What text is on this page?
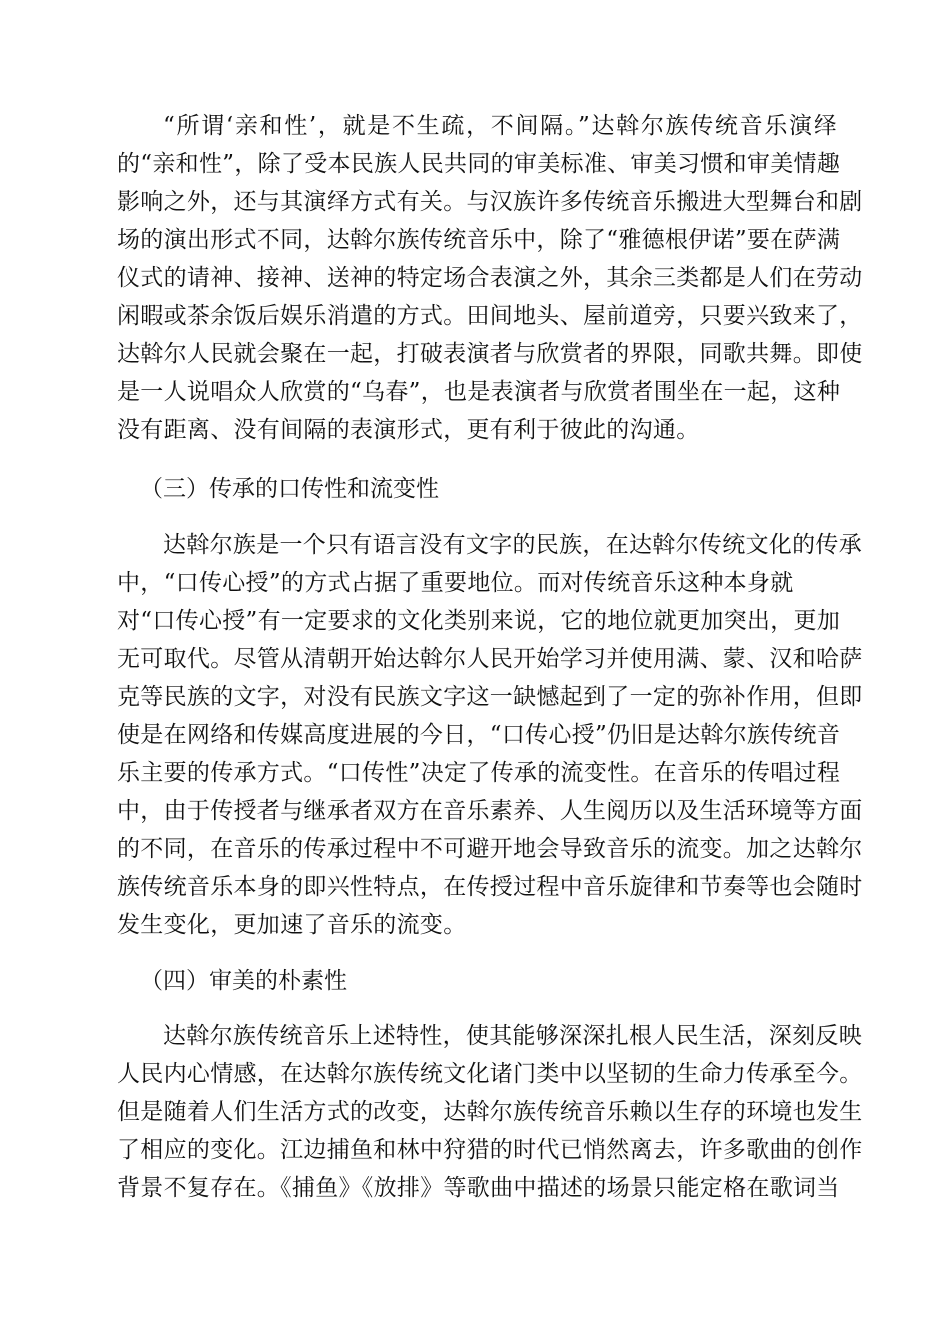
“所谓‘亲和性’，就是不生疏，不间隔。”达斡尔族传统音乐演绎
的“亲和性”，除了受本民族人民共同的审美标准、审美习惯和审美情趣
影响之外，还与其演绎方式有关。与汉族许多传统音乐搬进大型舞台和剧
场的演出形式不同，达斡尔族传统音乐中，除了“雅德根伊诺”要在萨满
仪式的请神、接神、送神的特定场合表演之外，其余三类都是人们在劳动
闲暇或茶余饭后娱乐消遣的方式。田间地头、屋前道旁，只要兴致来了，
达斡尔人民就会聚在一起，打破表演者与欣赏者的界限，同歌共舞。即使
是一人说唱众人欣赏的“乌春”，也是表演者与欣赏者围坐在一起，这种
没有距离、没有间隔的表演形式，更有利于彼此的沟通。
（三）传承的口传性和流变性
达斡尔族是一个只有语言没有文字的民族，在达斡尔传统文化的传承
中，“口传心授”的方式占据了重要地位。而对传统音乐这种本身就
对“口传心授”有一定要求的文化类别来说，它的地位就更加突出，更加
无可取代。尽管从清朝开始达斡尔人民开始学习并使用满、蒙、汉和哈萨
克等民族的文字，对没有民族文字这一缺憾起到了一定的弥补作用，但即
使是在网络和传媒高度进展的今日，“口传心授”仍旧是达斡尔族传统音
乐主要的传承方式。“口传性”决定了传承的流变性。在音乐的传唱过程
中，由于传授者与继承者双方在音乐素养、人生阅历以及生活环境等方面
的不同，在音乐的传承过程中不可避开地会导致音乐的流变。加之达斡尔
族传统音乐本身的即兴性特点，在传授过程中音乐旋律和节奏等也会随时
发生变化，更加速了音乐的流变。
（四）审美的朴素性
达斡尔族传统音乐上述特性，使其能够深深扎根人民生活，深刻反映
人民内心情感，在达斡尔族传统文化诸门类中以坚韧的生命力传承至今。
但是随着人们生活方式的改变，达斡尔族传统音乐赖以生存的环境也发生
了相应的变化。江边捕鱼和林中狩猎的时代已悄然离去，许多歌曲的创作
背景不复存在。《捕鱼》《放排》等歌曲中描述的场景只能定格在歌词当
